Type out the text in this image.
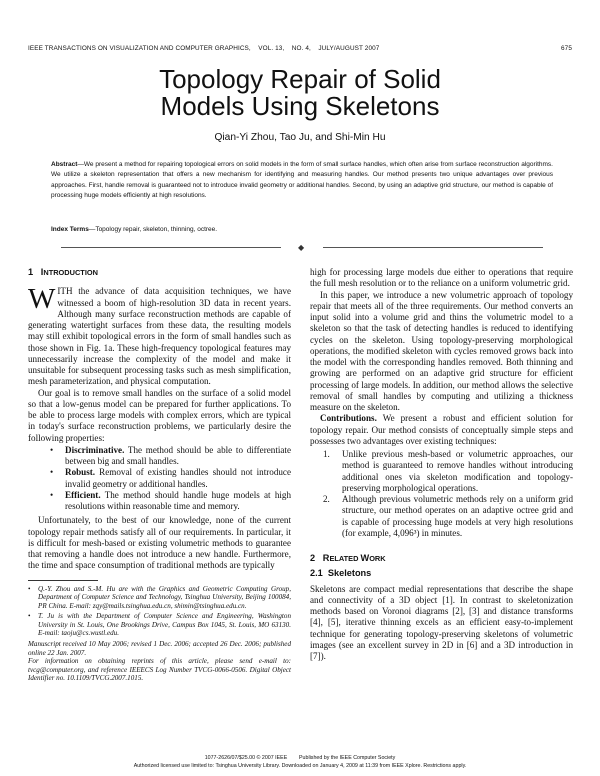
IEEE TRANSACTIONS ON VISUALIZATION AND COMPUTER GRAPHICS,    VOL. 13,    NO. 4,    JULY/AUGUST 2007	675
Topology Repair of Solid
Models Using Skeletons
Qian-Yi Zhou, Tao Ju, and Shi-Min Hu
Abstract—We present a method for repairing topological errors on solid models in the form of small surface handles, which often arise from surface reconstruction algorithms. We utilize a skeleton representation that offers a new mechanism for identifying and measuring handles. Our method presents two unique advantages over previous approaches. First, handle removal is guaranteed not to introduce invalid geometry or additional handles. Second, by using an adaptive grid structure, our method is capable of processing huge models efficiently at high resolutions.
Index Terms—Topology repair, skeleton, thinning, octree.
◆
1 INTRODUCTION

WITH the advance of data acquisition techniques, we have witnessed a boom of high-resolution 3D data in recent years. Although many surface reconstruction methods are capable of generating watertight surfaces from these data, the resulting models may still exhibit topological errors in the form of small handles such as those shown in Fig. 1a. These high-frequency topological features may unnecessarily increase the complexity of the model and make it unsuitable for subsequent processing tasks such as mesh simplification, mesh parameterization, and physical computation.

Our goal is to remove small handles on the surface of a solid model so that a low-genus model can be prepared for further applications. To be able to process large models with complex errors, which are typical in today's surface reconstruction problems, we particularly desire the following properties:

• Discriminative. The method should be able to differentiate between big and small handles.
• Robust. Removal of existing handles should not introduce invalid geometry or additional handles.
• Efficient. The method should handle huge models at high resolutions within reasonable time and memory.

Unfortunately, to the best of our knowledge, none of the current topology repair methods satisfy all of our requirements. In particular, it is difficult for mesh-based or existing volumetric methods to guarantee that removing a handle does not introduce a new handle. Furthermore, the time and space consumption of traditional methods are typically

• Q.-Y. Zhou and S.-M. Hu are with the Graphics and Geometric Computing Group, Department of Computer Science and Technology, Tsinghua University, Beijing 100084, PR China. E-mail: zqy@mails.tsinghua.edu.cn, shimin@tsinghua.edu.cn.
• T. Ju is with the Department of Computer Science and Engineering, Washington University in St. Louis, One Brookings Drive, Campus Box 1045, St. Louis, MO 63130. E-mail: taoju@cs.wustl.edu.
Manuscript received 10 May 2006; revised 1 Dec. 2006; accepted 26 Dec. 2006; published online 22 Jan. 2007.
For information on obtaining reprints of this article, please send e-mail to: tvcg@computer.org, and reference IEEECS Log Number TVCG-0066-0506. Digital Object Identifier no. 10.1109/TVCG.2007.1015.

high for processing large models due either to operations that require the full mesh resolution or to the reliance on a uniform volumetric grid.

In this paper, we introduce a new volumetric approach of topology repair that meets all of the three requirements. Our method converts an input solid into a volume grid and thins the volumetric model to a skeleton so that the task of detecting handles is reduced to identifying cycles on the skeleton. Using topology-preserving morphological operations, the modified skeleton with cycles removed grows back into the model with the corresponding handles removed. Both thinning and growing are performed on an adaptive grid structure for efficient processing of large models. In addition, our method allows the selective removal of small handles by computing and utilizing a thickness measure on the skeleton.

Contributions. We present a robust and efficient solution for topology repair. Our method consists of conceptually simple steps and possesses two advantages over existing techniques:

1. Unlike previous mesh-based or volumetric approaches, our method is guaranteed to remove handles without introducing additional ones via skeleton modification and topology-preserving morphological operations.
2. Although previous volumetric methods rely on a uniform grid structure, our method operates on an adaptive octree grid and is capable of processing huge models at very high resolutions (for example, 4,096³) in minutes.
2 RELATED WORK
2.1  Skeletons

Skeletons are compact medial representations that describe the shape and connectivity of a 3D object [1]. In contrast to skeletonization methods based on Voronoi diagrams [2], [3] and distance transforms [4], [5], iterative thinning excels as an efficient easy-to-implement technique for generating topology-preserving skeletons of volumetric images (see an excellent survey in 2D in [6] and a 3D introduction in [7]).

1077-2626/07/$25.00 © 2007 IEEE        Published by the IEEE Computer Society
Authorized licensed use limited to: Tsinghua University Library. Downloaded on January 4, 2009 at 11:39 from IEEE Xplore. Restrictions apply.
